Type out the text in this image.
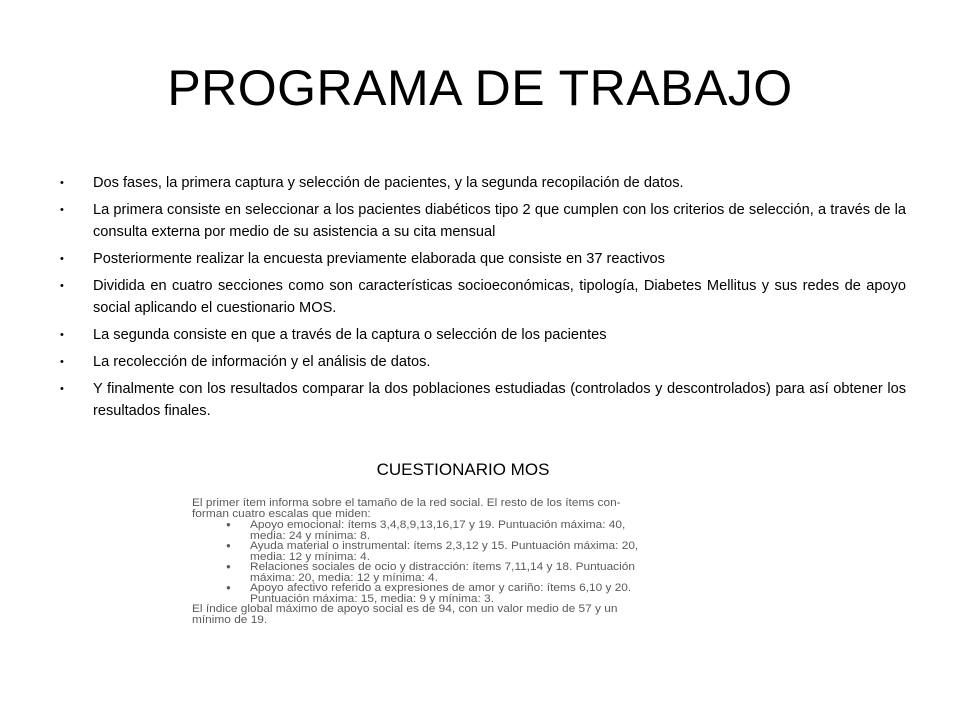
PROGRAMA DE TRABAJO
•	Dos fases, la primera captura y selección de pacientes, y la segunda recopilación de datos.
•	La primera consiste en seleccionar a los pacientes diabéticos tipo 2 que cumplen con los criterios de selección, a través de la consulta externa por medio de su asistencia a su cita mensual
•	Posteriormente realizar la encuesta previamente elaborada que consiste en 37 reactivos
•	Dividida en cuatro secciones como son características socioeconómicas, tipología, Diabetes Mellitus y sus redes de apoyo social aplicando el cuestionario MOS.
•	La segunda consiste en que a través de la captura o selección de los pacientes
•	La recolección de información y el análisis de datos.
•	Y finalmente con los resultados comparar la dos poblaciones estudiadas (controlados y descontrolados) para así obtener los resultados finales.
CUESTIONARIO MOS
El primer ítem informa sobre el tamaño de la red social. El resto de los ítems con-
forman cuatro escalas que miden:
● Apoyo emocional: ítems 3,4,8,9,13,16,17 y 19. Puntuación máxima: 40,
media: 24 y mínima: 8.
● Ayuda material o instrumental: ítems 2,3,12 y 15. Puntuación máxima: 20,
media: 12 y mínima: 4.
● Relaciones sociales de ocio y distracción: ítems 7,11,14 y 18. Puntuación
máxima: 20, media: 12 y mínima: 4.
● Apoyo afectivo referido a expresiones de amor y cariño: ítems 6,10 y 20.
Puntuación máxima: 15, media: 9 y mínima: 3.
El índice global máximo de apoyo social es de 94, con un valor medio de 57 y un
mínimo de 19.
